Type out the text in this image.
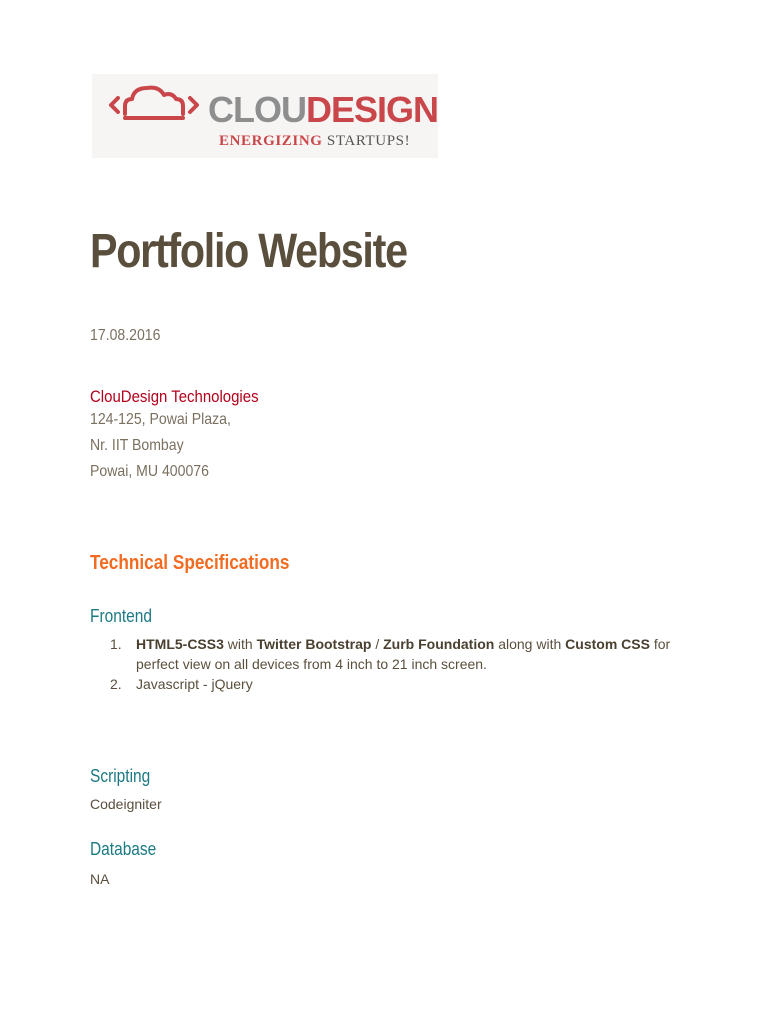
CLOUDESIGN
ENERGIZING STARTUPS!
Portfolio Website
17.08.2016
ClouDesign Technologies
124-125, Powai Plaza,
Nr. IIT Bombay
Powai, MU 400076
Technical Specifications
Frontend
1. HTML5-CSS3 with Twitter Bootstrap / Zurb Foundation along with Custom CSS for perfect view on all devices from 4 inch to 21 inch screen.
2. Javascript - jQuery
Scripting
Codeigniter
Database
NA
